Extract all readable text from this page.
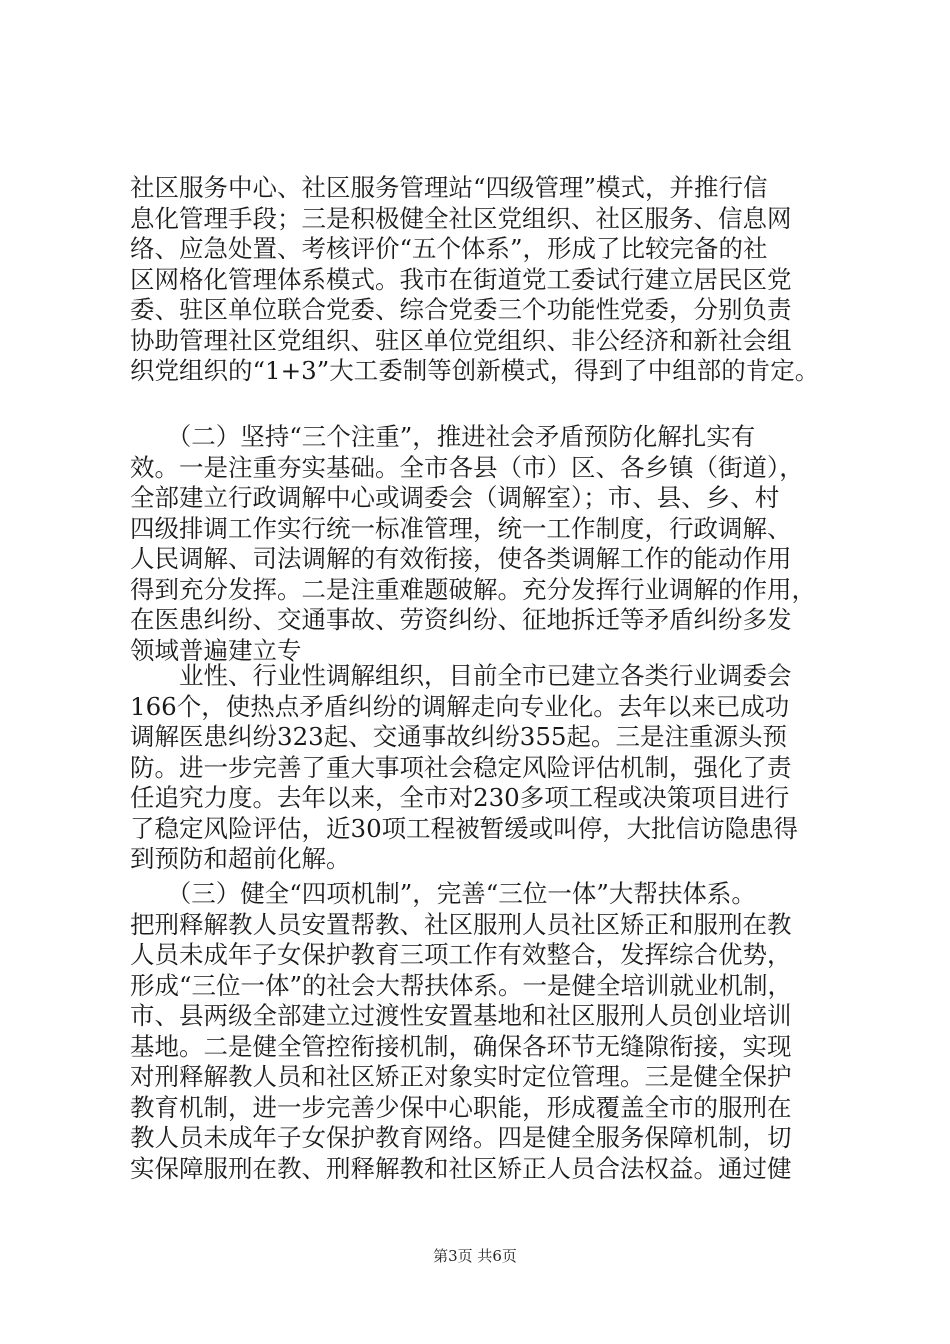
社区服务中心、社区服务管理站“四级管理”模式，并推行信
息化管理手段；三是积极健全社区党组织、社区服务、信息网
络、应急处置、考核评价“五个体系”，形成了比较完备的社
区网格化管理体系模式。我市在街道党工委试行建立居民区党
委、驻区单位联合党委、综合党委三个功能性党委，分别负责
协助管理社区党组织、驻区单位党组织、非公经济和新社会组
织党组织的“1+3”大工委制等创新模式，得到了中组部的肯定。
　　（二）坚持“三个注重”，推进社会矛盾预防化解扎实有
效。一是注重夯实基础。全市各县（市）区、各乡镇（街道），
全部建立行政调解中心或调委会（调解室）；市、县、乡、村
四级排调工作实行统一标准管理，统一工作制度，行政调解、
人民调解、司法调解的有效衔接，使各类调解工作的能动作用
得到充分发挥。二是注重难题破解。充分发挥行业调解的作用，
在医患纠纷、交通事故、劳资纠纷、征地拆迁等矛盾纠纷多发
领域普遍建立专
　　业性、行业性调解组织，目前全市已建立各类行业调委会
166个，使热点矛盾纠纷的调解走向专业化。去年以来已成功
调解医患纠纷323起、交通事故纠纷355起。三是注重源头预
防。进一步完善了重大事项社会稳定风险评估机制，强化了责
任追究力度。去年以来，全市对230多项工程或决策项目进行
了稳定风险评估，近30项工程被暂缓或叫停，大批信访隐患得
到预防和超前化解。
　　（三）健全“四项机制”，完善“三位一体”大帮扶体系。
把刑释解教人员安置帮教、社区服刑人员社区矫正和服刑在教
人员未成年子女保护教育三项工作有效整合，发挥综合优势，
形成“三位一体”的社会大帮扶体系。一是健全培训就业机制，
市、县两级全部建立过渡性安置基地和社区服刑人员创业培训
基地。二是健全管控衔接机制，确保各环节无缝隙衔接，实现
对刑释解教人员和社区矫正对象实时定位管理。三是健全保护
教育机制，进一步完善少保中心职能，形成覆盖全市的服刑在
教人员未成年子女保护教育网络。四是健全服务保障机制，切
实保障服刑在教、刑释解教和社区矫正人员合法权益。通过健
第3页 共6页
